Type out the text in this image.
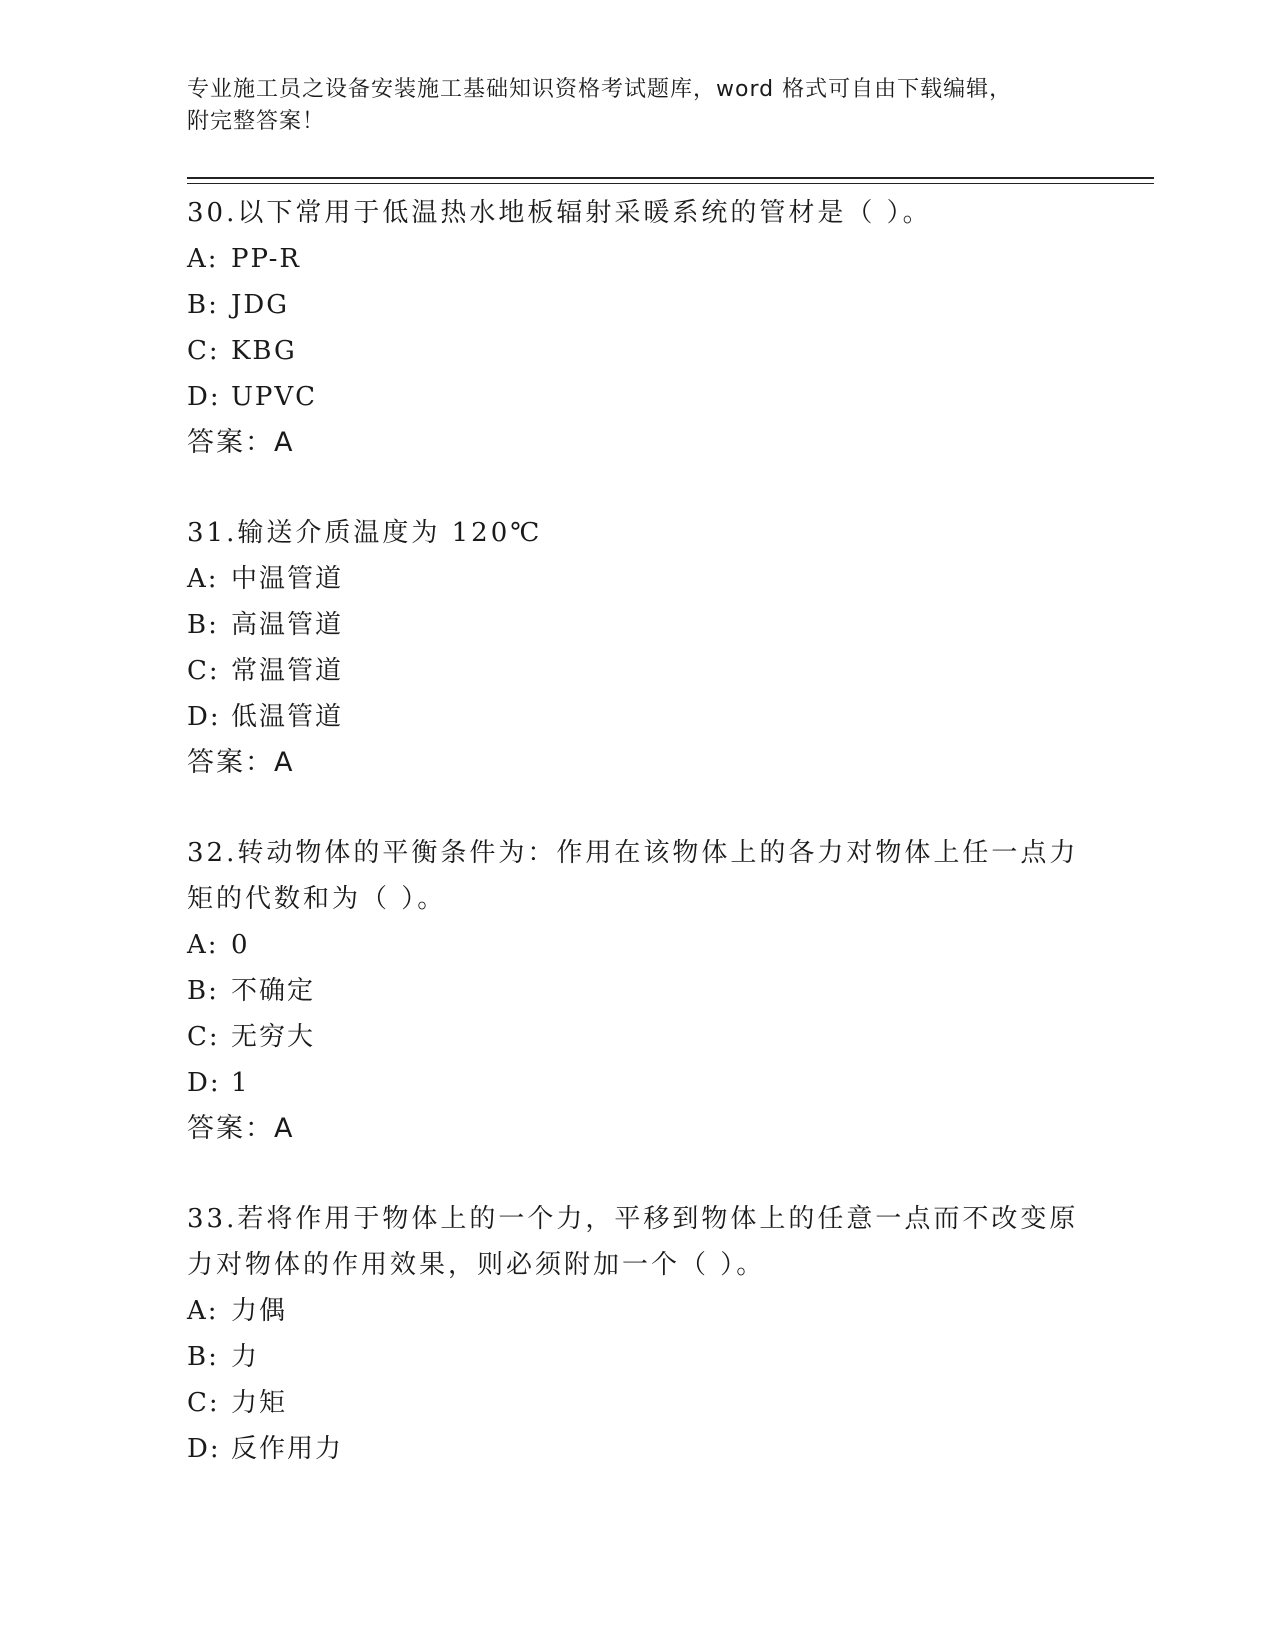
专业施工员之设备安装施工基础知识资格考试题库，word 格式可自由下载编辑，
附完整答案！

30.以下常用于低温热水地板辐射采暖系统的管材是（ ）。

A: PP-R
B: JDG
C: KBG
D: UPVC
答案：A

31.输送介质温度为 120℃

A: 中温管道
B: 高温管道
C: 常温管道
D: 低温管道
答案：A

32.转动物体的平衡条件为：作用在该物体上的各力对物体上任一点力

矩的代数和为（ ）。

A: 0
B: 不确定
C: 无穷大
D: 1
答案：A

33.若将作用于物体上的一个力，平移到物体上的任意一点而不改变原

力对物体的作用效果，则必须附加一个（ ）。

A: 力偶
B: 力
C: 力矩
D: 反作用力
